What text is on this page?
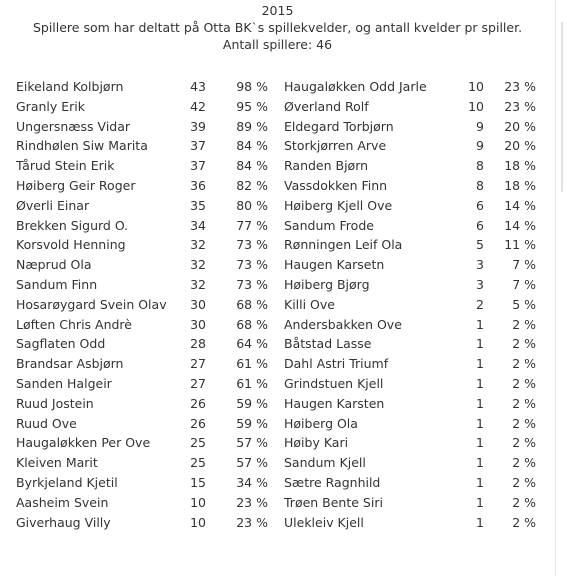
2015
Spillere som har deltatt på Otta BK`s spillekvelder, og antall kvelder pr spiller.
Antall spillere: 46
Eikeland Kolbjørn	43	98 % Haugaløkken Odd Jarle	10	23 %
Granly Erik	42	95 % Øverland Rolf	10	23 %
Ungersnæss Vidar	39	89 % Eldegard Torbjørn	9	20 %
Rindhølen Siw Marita	37	84 % Storkjørren Arve	9	20 %
Tårud Stein Erik	37	84 % Randen Bjørn	8	18 %
Høiberg Geir Roger	36	82 % Vassdokken Finn	8	18 %
Øverli Einar	35	80 % Høiberg Kjell Ove	6	14 %
Brekken Sigurd O.	34	77 % Sandum Frode	6	14 %
Korsvold Henning	32	73 % Rønningen Leif Ola	5	11 %
Næprud Ola	32	73 % Haugen Karsetn	3	7 %
Sandum Finn	32	73 % Høiberg Bjørg	3	7 %
Hosarøygard Svein Olav	30	68 % Killi Ove	2	5 %
Løften Chris Andrè	30	68 % Andersbakken Ove	1	2 %
Sagflaten Odd	28	64 % Båtstad Lasse	1	2 %
Brandsar Asbjørn	27	61 % Dahl Astri Triumf	1	2 %
Sanden Halgeir	27	61 % Grindstuen Kjell	1	2 %
Ruud Jostein	26	59 % Haugen Karsten	1	2 %
Ruud Ove	26	59 % Høiberg Ola	1	2 %
Haugaløkken Per Ove	25	57 % Høiby Kari	1	2 %
Kleiven Marit	25	57 % Sandum Kjell	1	2 %
Byrkjeland Kjetil	15	34 % Sætre Ragnhild	1	2 %
Aasheim Svein	10	23 % Trøen Bente Siri	1	2 %
Giverhaug Villy	10	23 % Ulekleiv Kjell	1	2 %
